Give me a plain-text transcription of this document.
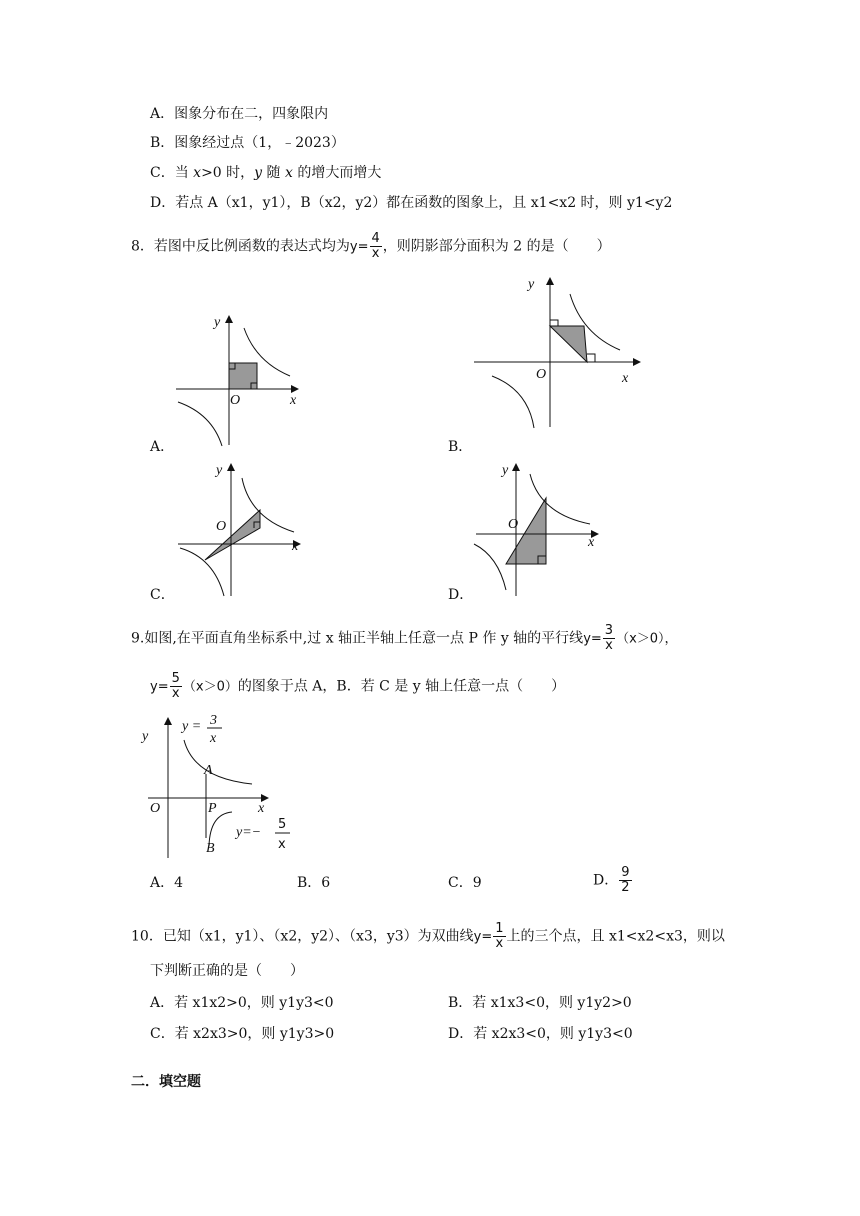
A．图象分布在二，四象限内
B．图象经过点（1，﹣2023）
C．当 x>0 时，y 随 x 的增大而增大
D．若点 A（x1，y1），B（x2，y2）都在函数的图象上，且 x1<x2 时，则 y1<y2
8．若图中反比例函数的表达式均为$y= \frac{4}{x}$ ，则阴影部分面积为 2 的是（　　）
y
x
O
A．
y
x
O
B．
y
x
O
C．
y
x
O
D．
9.如图,在平面直角坐标系中,过 x 轴正半轴上任意一点 P 作 y 轴的平行线$y= \frac{3}{x} (x>0)$，
$y= \frac{5}{x} (x>0)$的图象于点 A，B．若 C 是 y 轴上任意一点（　　）
y
x
O
A
P
B
y = 3
x
y=−
5
x
A．4	B．6	C．9	D． $\frac{9}{2}$
10．已知（x1，y1）、（x2，y2）、（x3，y3）为双曲线$y= \frac{1}{x}$ 上的三个点，且 x1<x2<x3，则以
下判断正确的是（　　）
A．若 x1x2>0，则 y1y3<0	B．若 x1x3<0，则 y1y2>0
C．若 x2x3>0，则 y1y3>0	D．若 x2x3<0，则 y1y3<0
二．填空题
